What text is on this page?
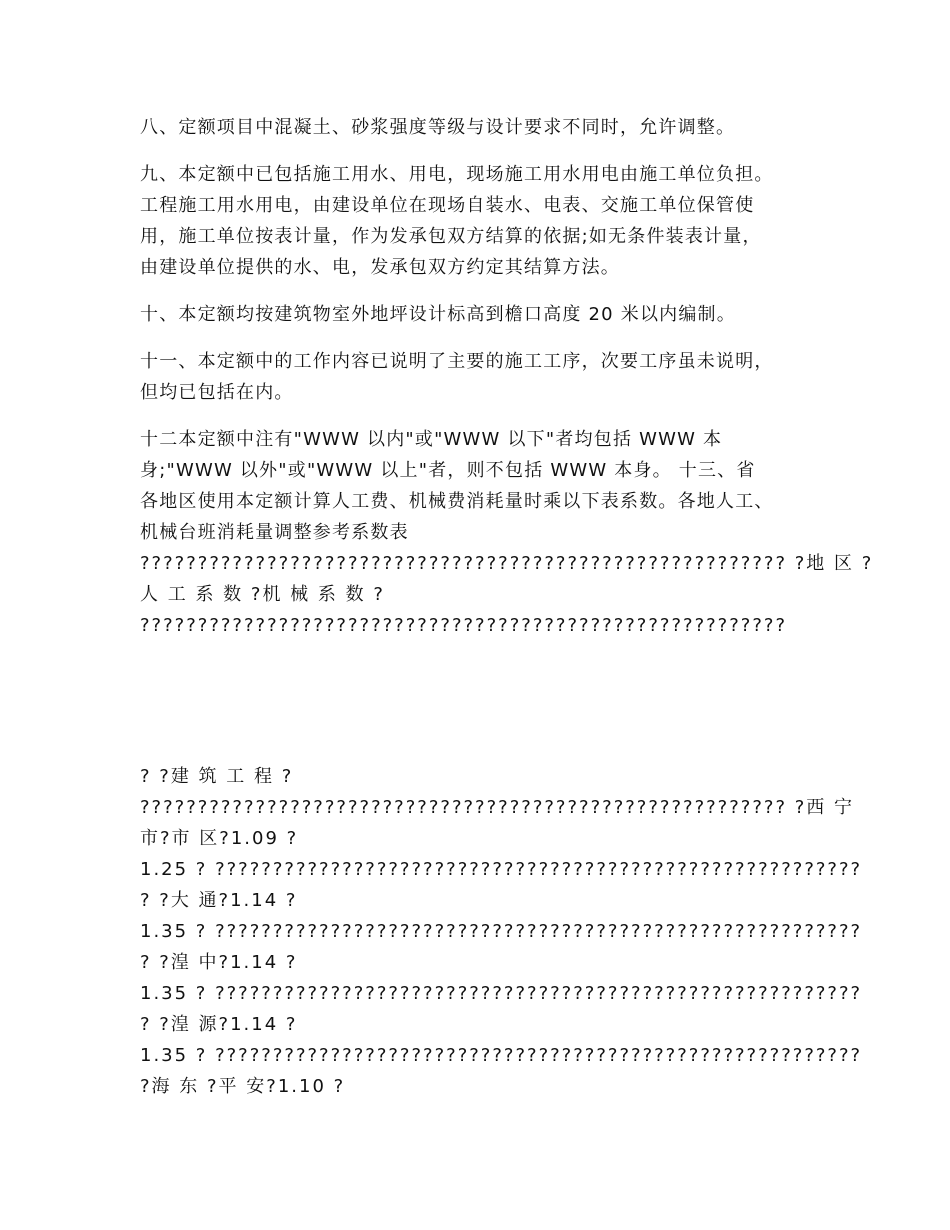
八、定额项目中混凝土、砂浆强度等级与设计要求不同时，允许调整。

九、本定额中已包括施工用水、用电，现场施工用水用电由施工单位负担。
工程施工用水用电，由建设单位在现场自装水、电表、交施工单位保管使
用，施工单位按表计量，作为发承包双方结算的依据;如无条件装表计量，
由建设单位提供的水、电，发承包双方约定其结算方法。

十、本定额均按建筑物室外地坪设计标高到檐口高度 20 米以内编制。

十一、本定额中的工作内容已说明了主要的施工工序，次要工序虽未说明，
但均已包括在内。

十二本定额中注有"WWW 以内"或"WWW 以下"者均包括 WWW 本
身;"WWW 以外"或"WWW 以上"者，则不包括 WWW 本身。 十三、省
各地区使用本定额计算人工费、机械费消耗量时乘以下表系数。各地人工、
机械台班消耗量调整参考系数表

???????????????????????????????????????????????????????? ?地 区 ?
人 工 系 数 ?机 械 系 数 ?
????????????????????????????????????????????????????????
? ?建 筑 工 程 ?
???????????????????????????????????????????????????????? ?西 宁
市?市 区?1.09 ?
1.25 ? ????????????????????????????????????????????????????????
? ?大 通?1.14 ?
1.35 ? ????????????????????????????????????????????????????????
? ?湟 中?1.14 ?
1.35 ? ????????????????????????????????????????????????????????
? ?湟 源?1.14 ?
1.35 ? ????????????????????????????????????????????????????????
?海 东 ?平 安?1.10 ?
